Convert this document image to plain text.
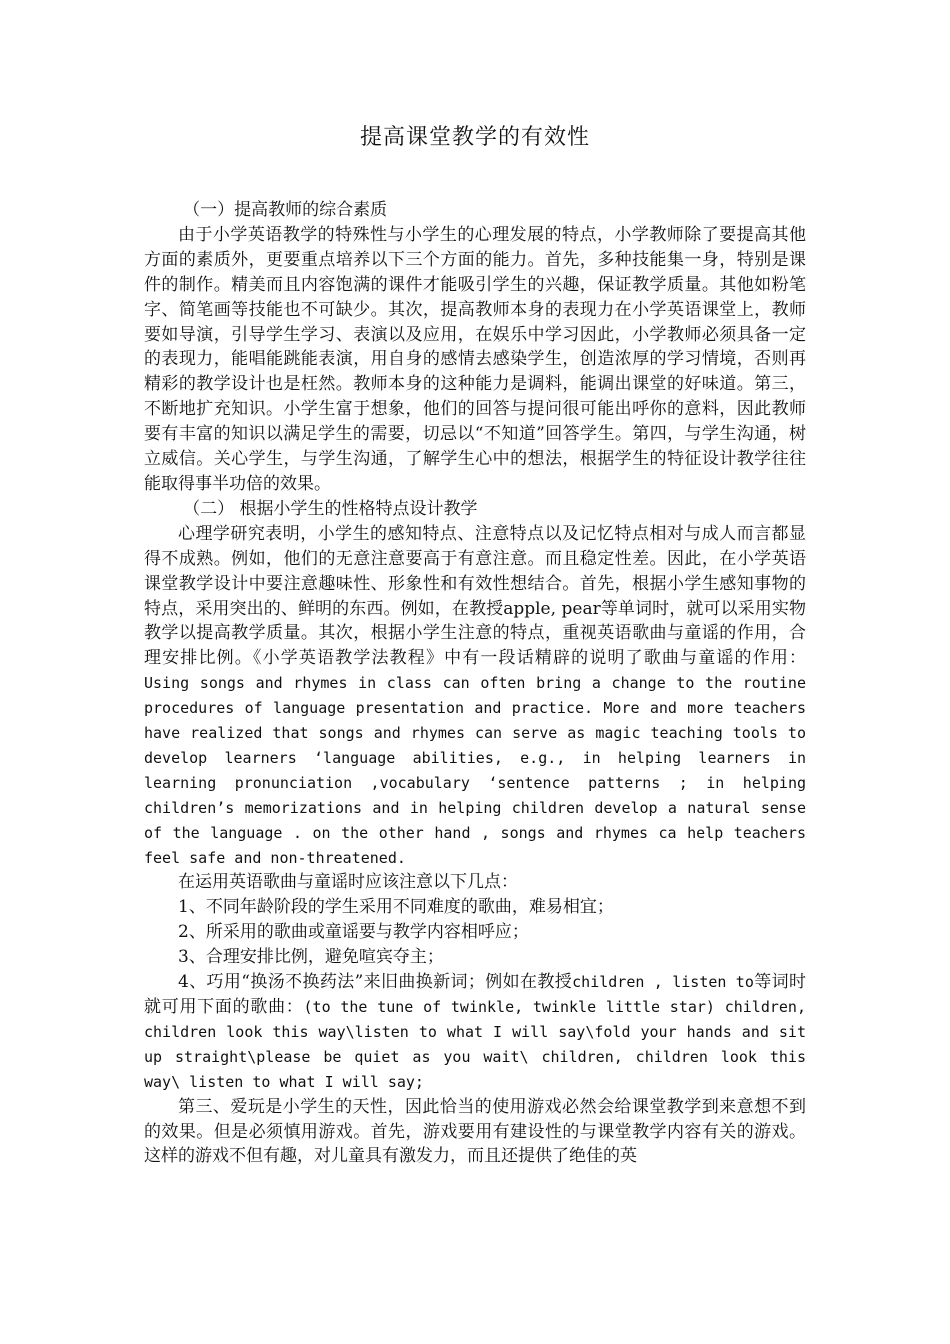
提高课堂教学的有效性

（一）提高教师的综合素质

由于小学英语教学的特殊性与小学生的心理发展的特点，小学教师除了要提高其他方面的素质外，更要重点培养以下三个方面的能力。首先，多种技能集一身，特别是课件的制作。精美而且内容饱满的课件才能吸引学生的兴趣，保证教学质量。其他如粉笔字、简笔画等技能也不可缺少。其次，提高教师本身的表现力在小学英语课堂上，教师要如导演，引导学生学习、表演以及应用，在娱乐中学习因此，小学教师必须具备一定的表现力，能唱能跳能表演，用自身的感情去感染学生，创造浓厚的学习情境，否则再精彩的教学设计也是枉然。教师本身的这种能力是调料，能调出课堂的好味道。第三，不断地扩充知识。小学生富于想象，他们的回答与提问很可能出呼你的意料，因此教师要有丰富的知识以满足学生的需要，切忌以“不知道”回答学生。第四，与学生沟通，树立威信。关心学生，与学生沟通，了解学生心中的想法，根据学生的特征设计教学往往能取得事半功倍的效果。

（二） 根据小学生的性格特点设计教学

心理学研究表明，小学生的感知特点、注意特点以及记忆特点相对与成人而言都显得不成熟。例如，他们的无意注意要高于有意注意。而且稳定性差。因此，在小学英语课堂教学设计中要注意趣味性、形象性和有效性想结合。首先，根据小学生感知事物的特点，采用突出的、鲜明的东西。例如，在教授apple, pear等单词时，就可以采用实物教学以提高教学质量。其次，根据小学生注意的特点，重视英语歌曲与童谣的作用，合理安排比例。《小学英语教学法教程》中有一段话精辟的说明了歌曲与童谣的作用：Using songs and rhymes in class can often bring a change to the routine procedures of language presentation and practice. More and more teachers have realized that songs and rhymes can serve as magic teaching tools to develop learners ‘language abilities, e.g., in helping learners in learning pronunciation ,vocabulary ‘sentence patterns ; in helping children’s memorizations and in helping children develop a natural sense of the language . on the other hand , songs and rhymes ca help teachers feel safe and non-threatened.

在运用英语歌曲与童谣时应该注意以下几点：

1、不同年龄阶段的学生采用不同难度的歌曲，难易相宜；

2、所采用的歌曲或童谣要与教学内容相呼应；

3、合理安排比例，避免喧宾夺主；

4、巧用“换汤不换药法”来旧曲换新词；例如在教授children , listen to等词时就可用下面的歌曲：(to the tune of twinkle, twinkle little star) children, children look this way\listen to what I will say\fold your hands and sit up straight\please be quiet as you wait\ children, children look this way\ listen to what I will say;

第三、爱玩是小学生的天性，因此恰当的使用游戏必然会给课堂教学到来意想不到的效果。但是必须慎用游戏。首先，游戏要用有建设性的与课堂教学内容有关的游戏。这样的游戏不但有趣，对儿童具有激发力，而且还提供了绝佳的英
